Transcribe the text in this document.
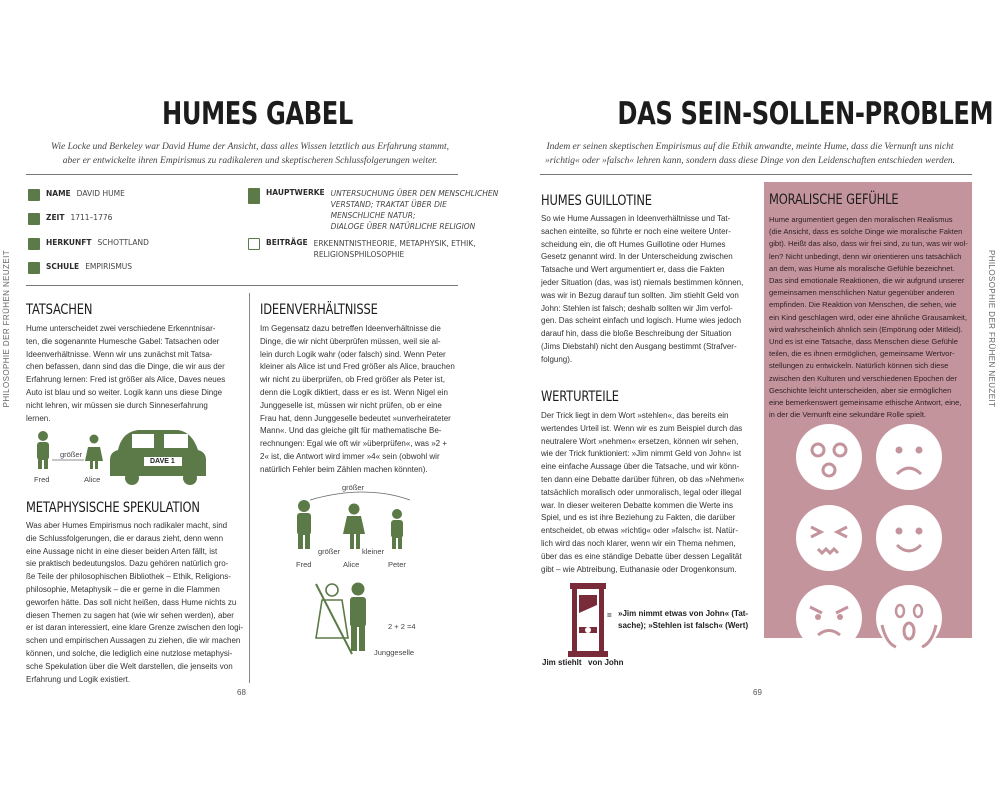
PHILOSOPHIE DER FRÜHEN NEUZEIT
HUMES GABEL
Wie Locke und Berkeley war David Hume der Ansicht, dass alles Wissen letztlich aus Erfahrung stammt,
aber er entwickelte ihren Empirismus zu radikaleren und skeptischeren Schlussfolgerungen weiter.
NAME DAVID HUME
ZEIT 1711–1776
HERKUNFT SCHOTTLAND
SCHULE EMPIRISMUS
HAUPTWERKE UNTERSUCHUNG ÜBER DEN MENSCHLICHEN
VERSTAND; TRAKTAT ÜBER DIE MENSCHLICHE NATUR;
DIALOGE ÜBER NATÜRLICHE RELIGION
BEITRÄGE ERKENNTNISTHEORIE, METAPHYSIK, ETHIK,
RELIGIONSPHILOSOPHIE
TATSACHEN
Hume unterscheidet zwei verschiedene Erkenntnisar-
ten, die sogenannte Humesche Gabel: Tatsachen oder
Ideenverhältnisse. Wenn wir uns zunächst mit Tatsa-
chen befassen, dann sind das die Dinge, die wir aus der
Erfahrung lernen: Fred ist größer als Alice, Daves neues
Auto ist blau und so weiter. Logik kann uns diese Dinge
nicht lehren, wir müssen sie durch Sinneserfahrung
lernen.
größer
Fred	Alice
DAVE 1
METAPHYSISCHE SPEKULATION
Was aber Humes Empirismus noch radikaler macht, sind
die Schlussfolgerungen, die er daraus zieht, denn wenn
eine Aussage nicht in eine dieser beiden Arten fällt, ist
sie praktisch bedeutungslos. Dazu gehören natürlich gro-
ße Teile der philosophischen Bibliothek – Ethik, Religions-
philosophie, Metaphysik – die er gerne in die Flammen
geworfen hätte. Das soll nicht heißen, dass Hume nichts zu
diesen Themen zu sagen hat (wie wir sehen werden), aber
er ist daran interessiert, eine klare Grenze zwischen den logi-
schen und empirischen Aussagen zu ziehen, die wir machen
können, und solche, die lediglich eine nutzlose metaphysi-
sche Spekulation über die Welt darstellen, die jenseits von
Erfahrung und Logik existiert.
IDEENVERHÄLTNISSE
Im Gegensatz dazu betreffen Ideenverhältnisse die
Dinge, die wir nicht überprüfen müssen, weil sie al-
lein durch Logik wahr (oder falsch) sind. Wenn Peter
kleiner als Alice ist und Fred größer als Alice, brauchen
wir nicht zu überprüfen, ob Fred größer als Peter ist,
denn die Logik diktiert, dass er es ist. Wenn Nigel ein
Junggeselle ist, müssen wir nicht prüfen, ob er eine
Frau hat, denn Junggeselle bedeutet »unverheirateter
Mann«. Und das gleiche gilt für mathematische Be-
rechnungen: Egal wie oft wir »überprüfen«, was »2 +
2« ist, die Antwort wird immer »4« sein (obwohl wir
natürlich Fehler beim Zählen machen könnten).
größer
größer	kleiner
Fred	Alice	Peter
2 + 2 =4
Junggeselle
68
PHILOSOPHIE DER FRÜHEN NEUZEIT
DAS SEIN-SOLLEN-PROBLEM
Indem er seinen skeptischen Empirismus auf die Ethik anwandte, meinte Hume, dass die Vernunft uns nicht
»richtig« oder »falsch« lehren kann, sondern dass diese Dinge von den Leidenschaften entschieden werden.
HUMES GUILLOTINE
So wie Hume Aussagen in Ideenverhältnisse und Tat-
sachen einteilte, so führte er noch eine weitere Unter-
scheidung ein, die oft Humes Guillotine oder Humes
Gesetz genannt wird. In der Unterscheidung zwischen
Tatsache und Wert argumentiert er, dass die Fakten
jeder Situation (das, was ist) niemals bestimmen können,
was wir in Bezug darauf tun sollten. Jim stiehlt Geld von
John: Stehlen ist falsch; deshalb sollten wir Jim verfol-
gen. Das scheint einfach und logisch. Hume wies jedoch
darauf hin, dass die bloße Beschreibung der Situation
(Jims Diebstahl) nicht den Ausgang bestimmt (Strafver-
folgung).
WERTURTEILE
Der Trick liegt in dem Wort »stehlen«, das bereits ein
wertendes Urteil ist. Wenn wir es zum Beispiel durch das
neutralere Wort »nehmen« ersetzen, können wir sehen,
wie der Trick funktioniert: »Jim nimmt Geld von John« ist
eine einfache Aussage über die Tatsache, und wir könn-
ten dann eine Debatte darüber führen, ob das »Nehmen«
tatsächlich moralisch oder unmoralisch, legal oder illegal
war. In dieser weiteren Debatte kommen die Werte ins
Spiel, und es ist ihre Beziehung zu Fakten, die darüber
entscheidet, ob etwas »richtig« oder »falsch« ist. Natür-
lich wird das noch klarer, wenn wir ein Thema nehmen,
über das es eine ständige Debatte über dessen Legalität
gibt – wie Abtreibung, Euthanasie oder Drogenkonsum.
= »Jim nimmt etwas von John« (Tat-
sache); »Stehlen ist falsch« (Wert)
Jim stiehlt von John
69
MORALISCHE GEFÜHLE
Hume argumentiert gegen den moralischen Realismus
(die Ansicht, dass es solche Dinge wie moralische Fakten
gibt). Heißt das also, dass wir frei sind, zu tun, was wir wol-
len? Nicht unbedingt, denn wir orientieren uns tatsächlich
an dem, was Hume als moralische Gefühle bezeichnet.
Das sind emotionale Reaktionen, die wir aufgrund unserer
gemeinsamen menschlichen Natur gegenüber anderen
empfinden. Die Reaktion von Menschen, die sehen, wie
ein Kind geschlagen wird, oder eine ähnliche Grausamkeit,
wird wahrscheinlich ähnlich sein (Empörung oder Mitleid).
Und es ist eine Tatsache, dass Menschen diese Gefühle
teilen, die es ihnen ermöglichen, gemeinsame Wertvor-
stellungen zu entwickeln. Natürlich können sich diese
zwischen den Kulturen und verschiedenen Epochen der
Geschichte leicht unterscheiden, aber sie ermöglichen
eine bemerkenswert gemeinsame ethische Antwort, eine,
in der die Vernunft eine sekundäre Rolle spielt.
